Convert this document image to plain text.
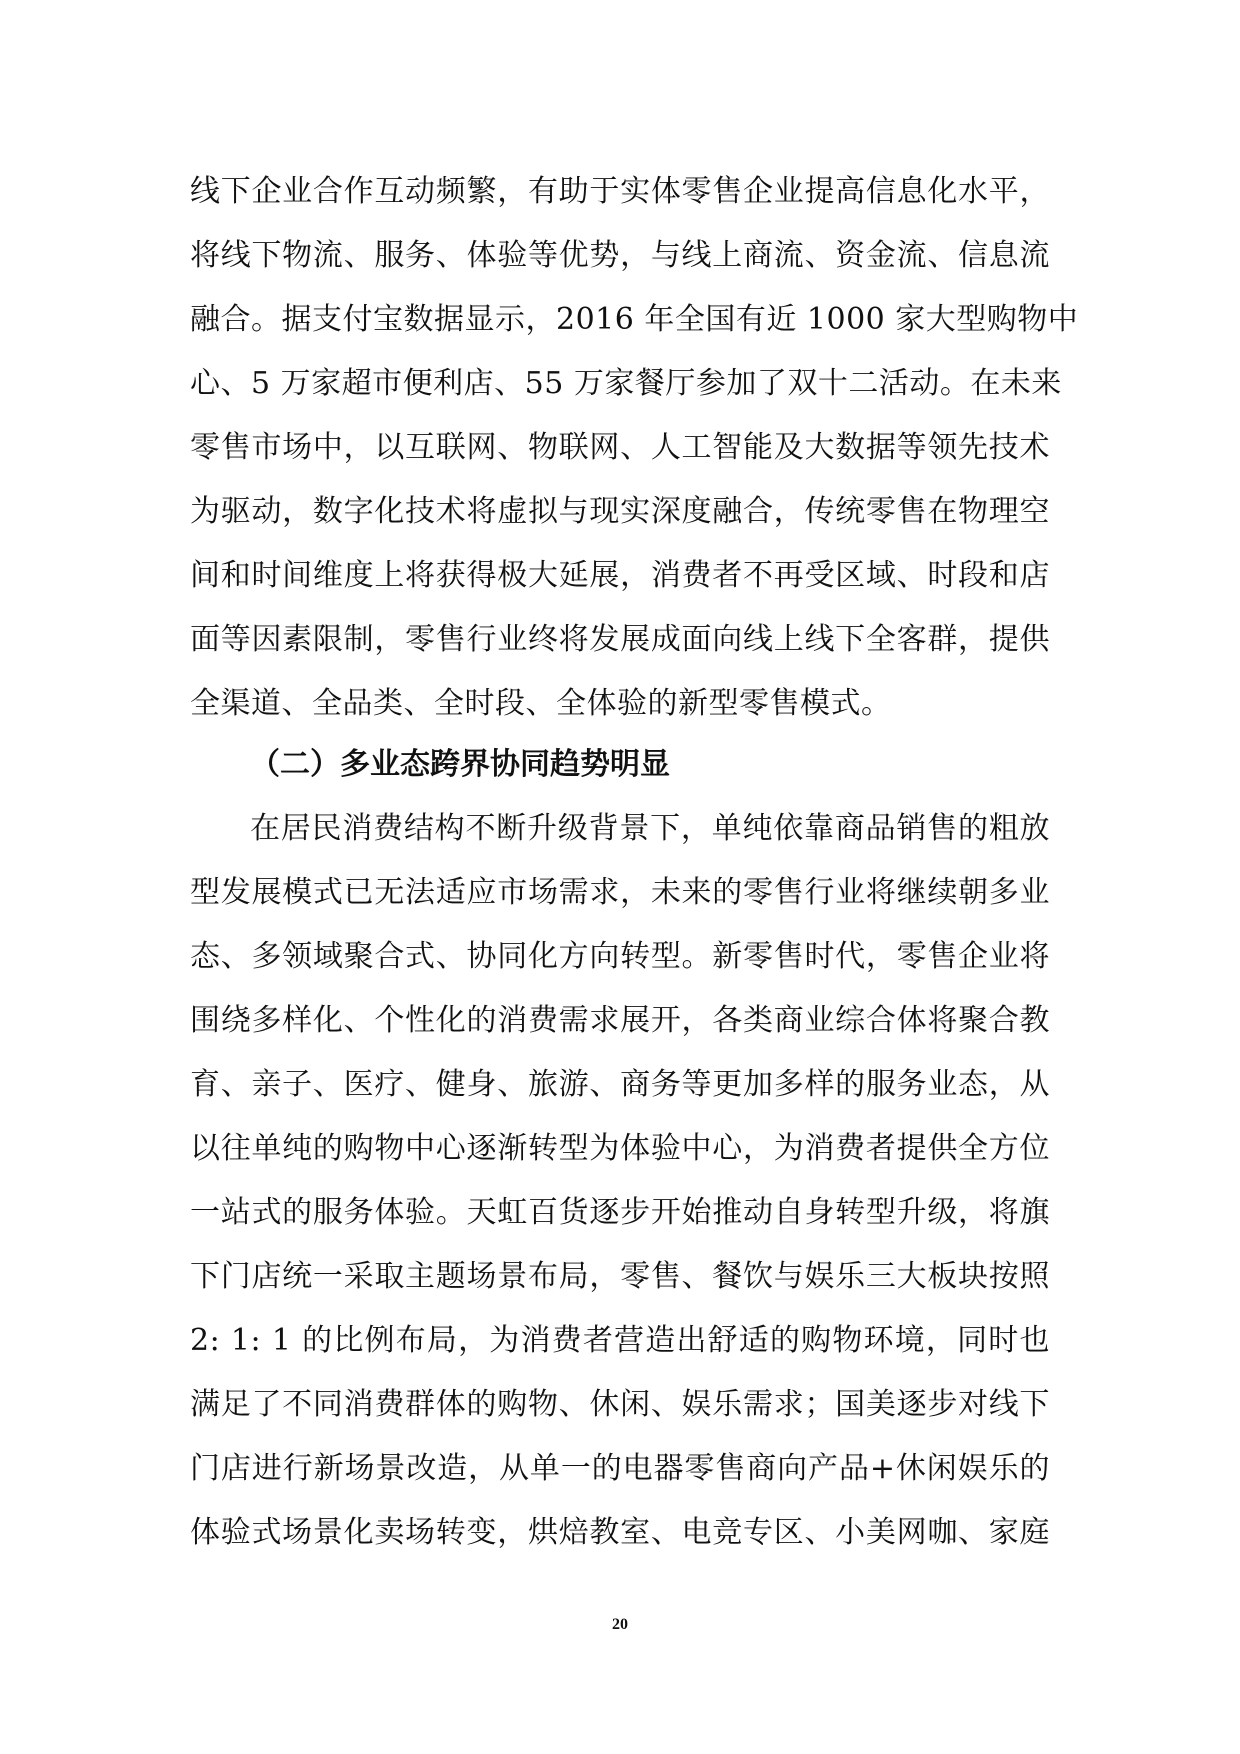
线下企业合作互动频繁，有助于实体零售企业提高信息化水平，
将线下物流、服务、体验等优势，与线上商流、资金流、信息流
融合。据支付宝数据显示，2016 年全国有近 1000 家大型购物中
心、5 万家超市便利店、55 万家餐厅参加了双十二活动。在未来
零售市场中，以互联网、物联网、人工智能及大数据等领先技术
为驱动，数字化技术将虚拟与现实深度融合，传统零售在物理空
间和时间维度上将获得极大延展，消费者不再受区域、时段和店
面等因素限制，零售行业终将发展成面向线上线下全客群，提供
全渠道、全品类、全时段、全体验的新型零售模式。
（二）多业态跨界协同趋势明显
在居民消费结构不断升级背景下，单纯依靠商品销售的粗放
型发展模式已无法适应市场需求，未来的零售行业将继续朝多业
态、多领域聚合式、协同化方向转型。新零售时代，零售企业将
围绕多样化、个性化的消费需求展开，各类商业综合体将聚合教
育、亲子、医疗、健身、旅游、商务等更加多样的服务业态，从
以往单纯的购物中心逐渐转型为体验中心，为消费者提供全方位
一站式的服务体验。天虹百货逐步开始推动自身转型升级，将旗
下门店统一采取主题场景布局，零售、餐饮与娱乐三大板块按照
2: 1: 1 的比例布局，为消费者营造出舒适的购物环境，同时也
满足了不同消费群体的购物、休闲、娱乐需求；国美逐步对线下
门店进行新场景改造，从单一的电器零售商向产品+休闲娱乐的
体验式场景化卖场转变，烘焙教室、电竞专区、小美网咖、家庭
20
